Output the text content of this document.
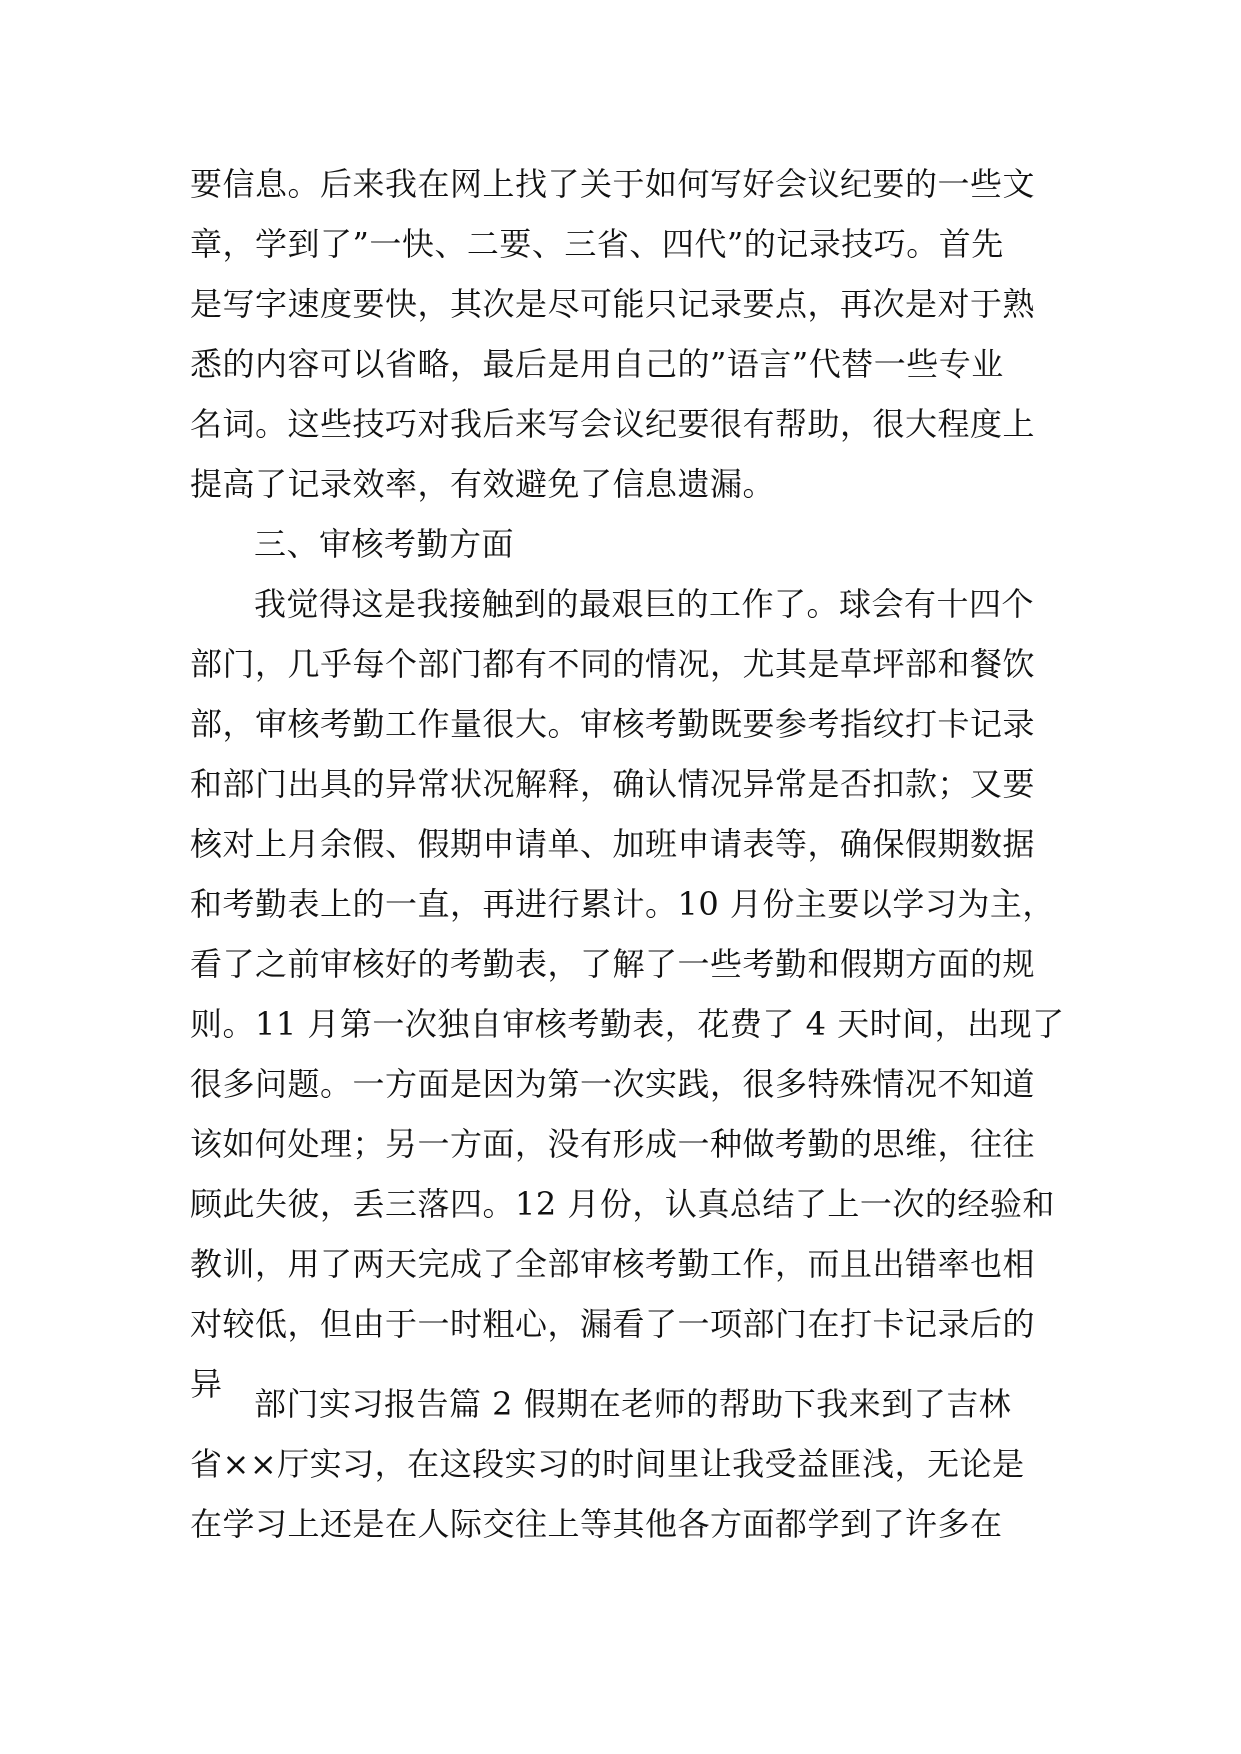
要信息。后来我在网上找了关于如何写好会议纪要的一些文
章，学到了”一快、二要、三省、四代”的记录技巧。首先
是写字速度要快，其次是尽可能只记录要点，再次是对于熟
悉的内容可以省略，最后是用自己的”语言”代替一些专业
名词。这些技巧对我后来写会议纪要很有帮助，很大程度上
提高了记录效率，有效避免了信息遗漏。
三、审核考勤方面
我觉得这是我接触到的最艰巨的工作了。球会有十四个
部门，几乎每个部门都有不同的情况，尤其是草坪部和餐饮
部，审核考勤工作量很大。审核考勤既要参考指纹打卡记录
和部门出具的异常状况解释，确认情况异常是否扣款；又要
核对上月余假、假期申请单、加班申请表等，确保假期数据
和考勤表上的一直，再进行累计。10 月份主要以学习为主，
看了之前审核好的考勤表，了解了一些考勤和假期方面的规
则。11 月第一次独自审核考勤表，花费了 4 天时间，出现了
很多问题。一方面是因为第一次实践，很多特殊情况不知道
该如何处理；另一方面，没有形成一种做考勤的思维，往往
顾此失彼，丢三落四。12 月份，认真总结了上一次的经验和
教训，用了两天完成了全部审核考勤工作，而且出错率也相
对较低，但由于一时粗心，漏看了一项部门在打卡记录后的
异
部门实习报告篇 2 假期在老师的帮助下我来到了吉林
省××厅实习，在这段实习的时间里让我受益匪浅，无论是
在学习上还是在人际交往上等其他各方面都学到了许多在
